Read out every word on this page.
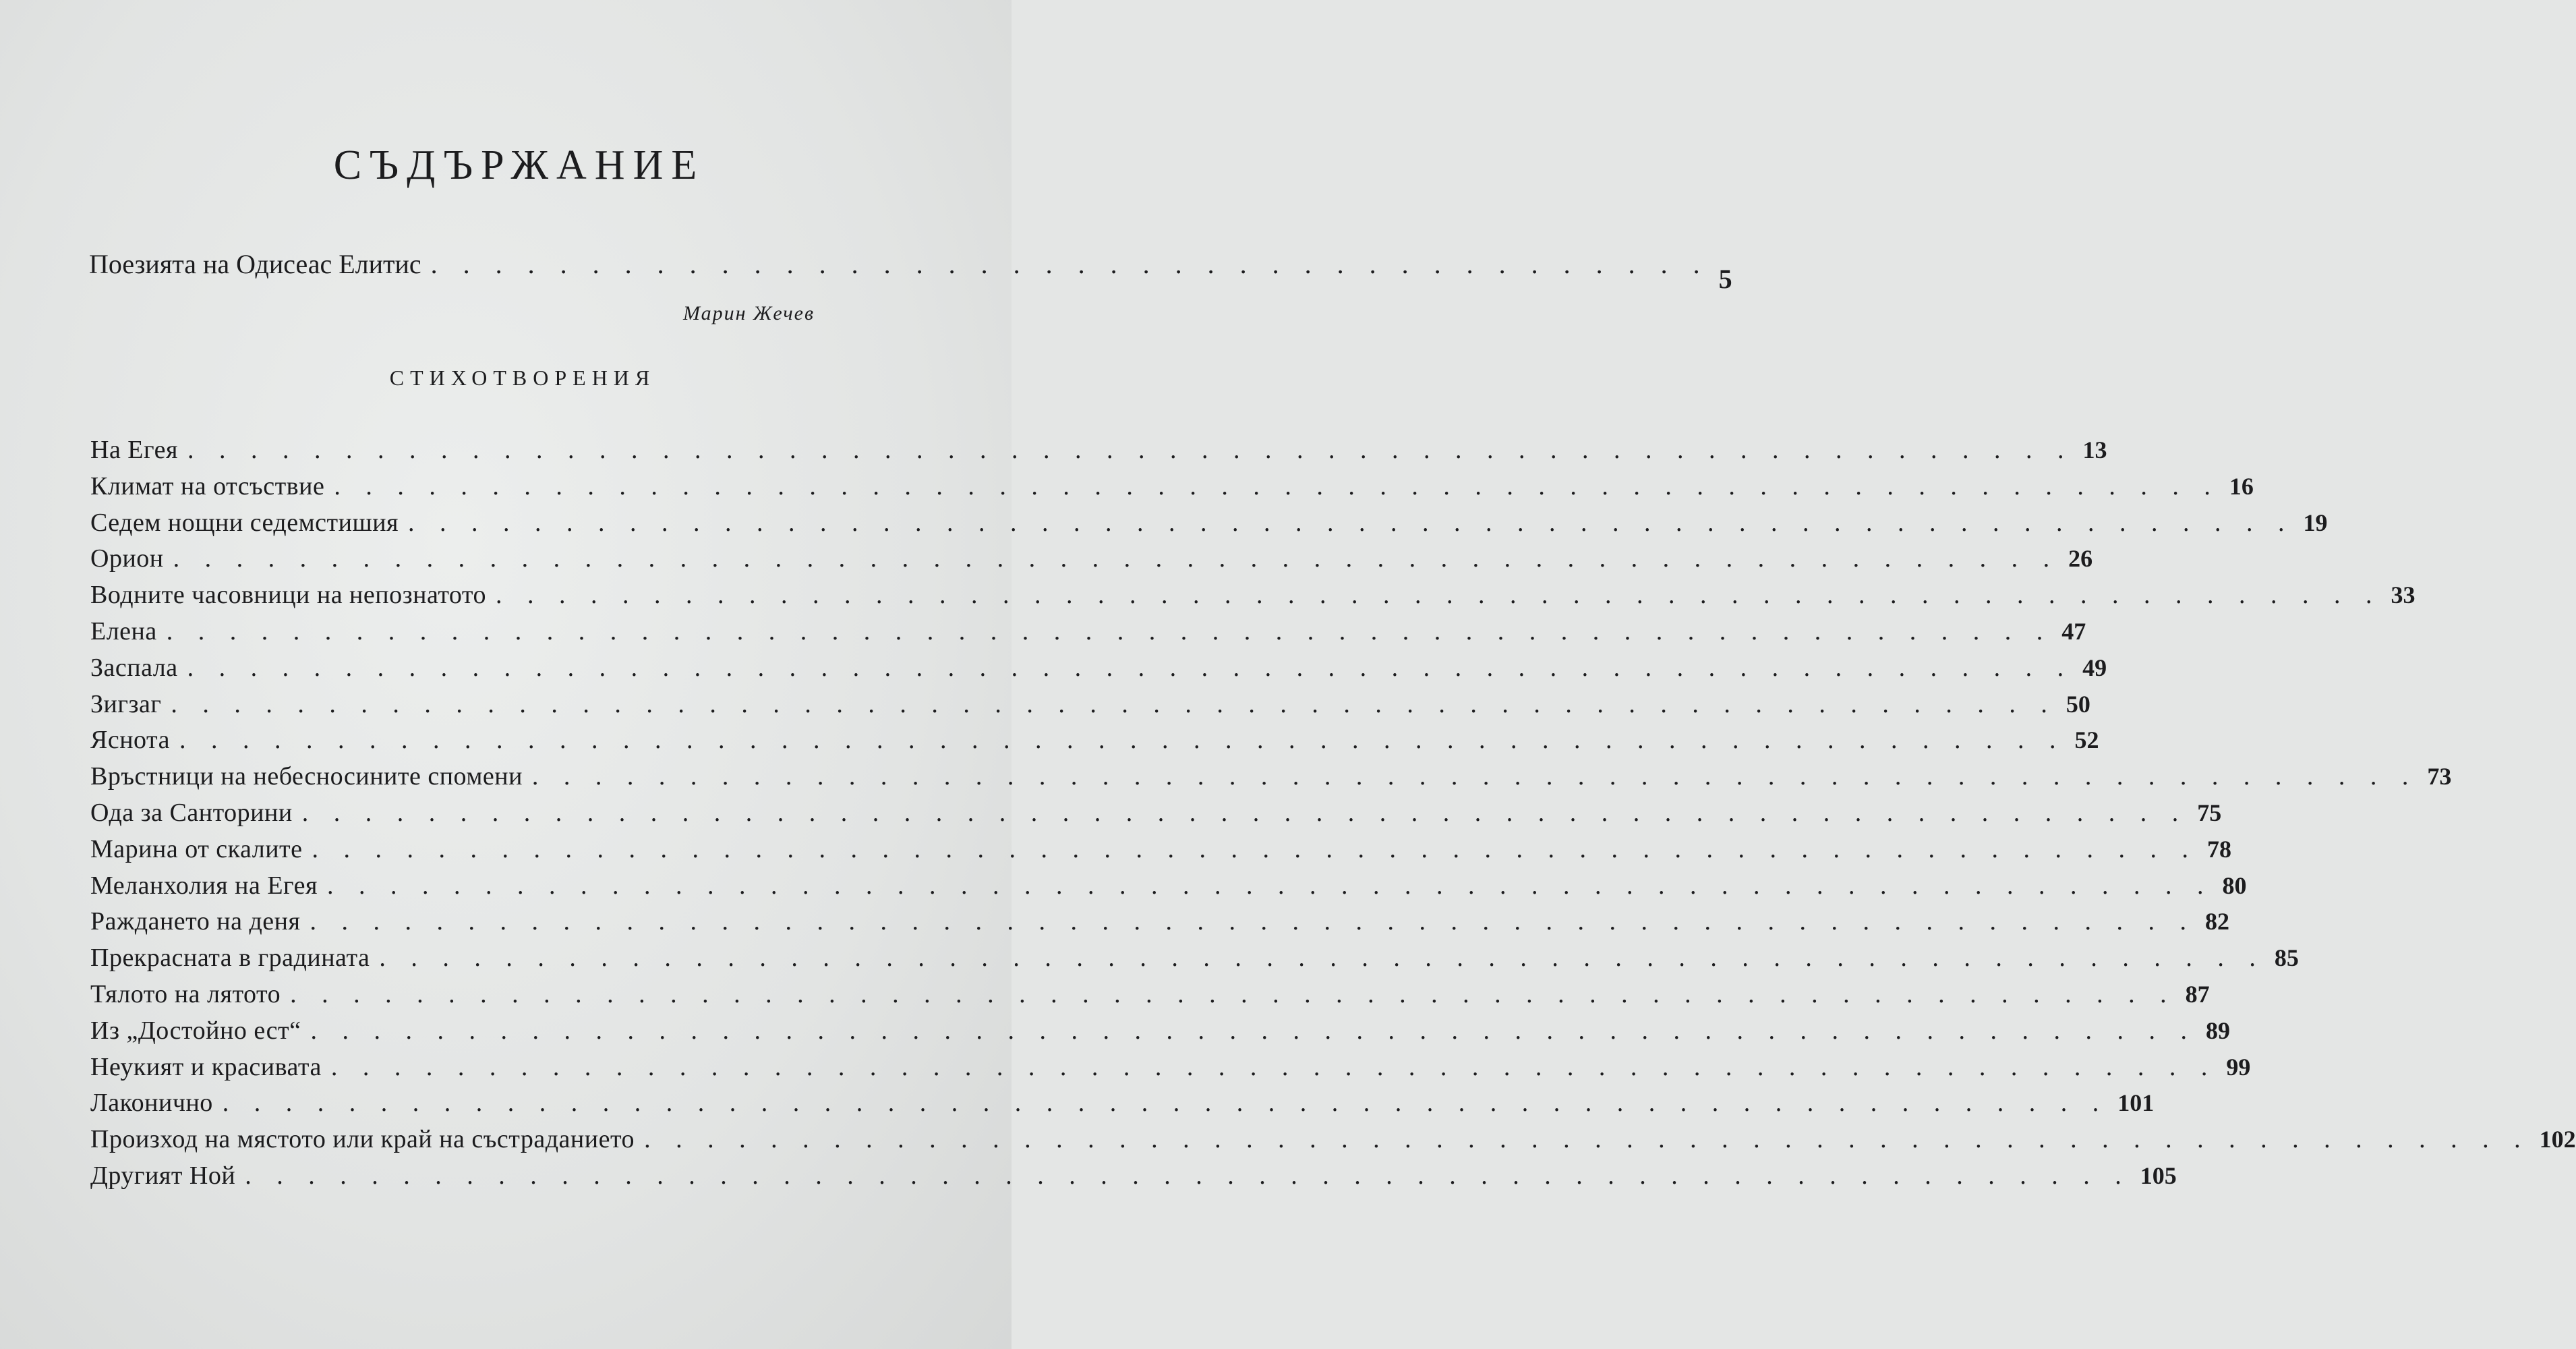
СЪДЪРЖАНИЕ
Поезията на Одисеас Елитис . . . . . . . . . . . . . . . . . . . . . . . . . . . . . . . . . . . . . . . . 5
Марин Жечев
СТИХОТВОРЕНИЯ
На Егея . . . . . . . . . . . . . . . . . . . . . . . . . . . . . . . . . . . . . . . . . . . . . . . . . . . . . . . . . . . . 13
Климат на отсъствие . . . . . . . . . . . . . . . . . . . . . . . . . . . . . . . . . . . . . . . . . . . . . . . . . . . . . . . . . . . . 16
Седем нощни седемстишия . . . . . . . . . . . . . . . . . . . . . . . . . . . . . . . . . . . . . . . . . . . . . . . . . . . . . . . . . . . . 19
Орион . . . . . . . . . . . . . . . . . . . . . . . . . . . . . . . . . . . . . . . . . . . . . . . . . . . . . . . . . . . . 26
Водните часовници на непознатото . . . . . . . . . . . . . . . . . . . . . . . . . . . . . . . . . . . . . . . . . . . . . . . . . . . . . . . . . . . . 33
Елена . . . . . . . . . . . . . . . . . . . . . . . . . . . . . . . . . . . . . . . . . . . . . . . . . . . . . . . . . . . . 47
Заспала . . . . . . . . . . . . . . . . . . . . . . . . . . . . . . . . . . . . . . . . . . . . . . . . . . . . . . . . . . . . 49
Зигзаг . . . . . . . . . . . . . . . . . . . . . . . . . . . . . . . . . . . . . . . . . . . . . . . . . . . . . . . . . . . . 50
Яснота . . . . . . . . . . . . . . . . . . . . . . . . . . . . . . . . . . . . . . . . . . . . . . . . . . . . . . . . . . . . 52
Връстници на небесносините спомени . . . . . . . . . . . . . . . . . . . . . . . . . . . . . . . . . . . . . . . . . . . . . . . . . . . . . . . . . . . . 73
Ода за Санторини . . . . . . . . . . . . . . . . . . . . . . . . . . . . . . . . . . . . . . . . . . . . . . . . . . . . . . . . . . . . 75
Марина от скалите . . . . . . . . . . . . . . . . . . . . . . . . . . . . . . . . . . . . . . . . . . . . . . . . . . . . . . . . . . . . 78
Меланхолия на Егея . . . . . . . . . . . . . . . . . . . . . . . . . . . . . . . . . . . . . . . . . . . . . . . . . . . . . . . . . . . . 80
Раждането на деня . . . . . . . . . . . . . . . . . . . . . . . . . . . . . . . . . . . . . . . . . . . . . . . . . . . . . . . . . . . . 82
Прекрасната в градината . . . . . . . . . . . . . . . . . . . . . . . . . . . . . . . . . . . . . . . . . . . . . . . . . . . . . . . . . . . . 85
Тялото на лятото . . . . . . . . . . . . . . . . . . . . . . . . . . . . . . . . . . . . . . . . . . . . . . . . . . . . . . . . . . . . 87
Из „Достойно ест“ . . . . . . . . . . . . . . . . . . . . . . . . . . . . . . . . . . . . . . . . . . . . . . . . . . . . . . . . . . . . 89
Неукият и красивата . . . . . . . . . . . . . . . . . . . . . . . . . . . . . . . . . . . . . . . . . . . . . . . . . . . . . . . . . . . . 99
Лаконично . . . . . . . . . . . . . . . . . . . . . . . . . . . . . . . . . . . . . . . . . . . . . . . . . . . . . . . . . . . . 101
Произход на мястото или край на състраданието . . . . . . . . . . . . . . . . . . . . . . . . . . . . . . . . . . . . . . . . . . . . . . . . . . . . . . . . . . . . 102
Другият Ной . . . . . . . . . . . . . . . . . . . . . . . . . . . . . . . . . . . . . . . . . . . . . . . . . . . . . . . . . . . . 105
